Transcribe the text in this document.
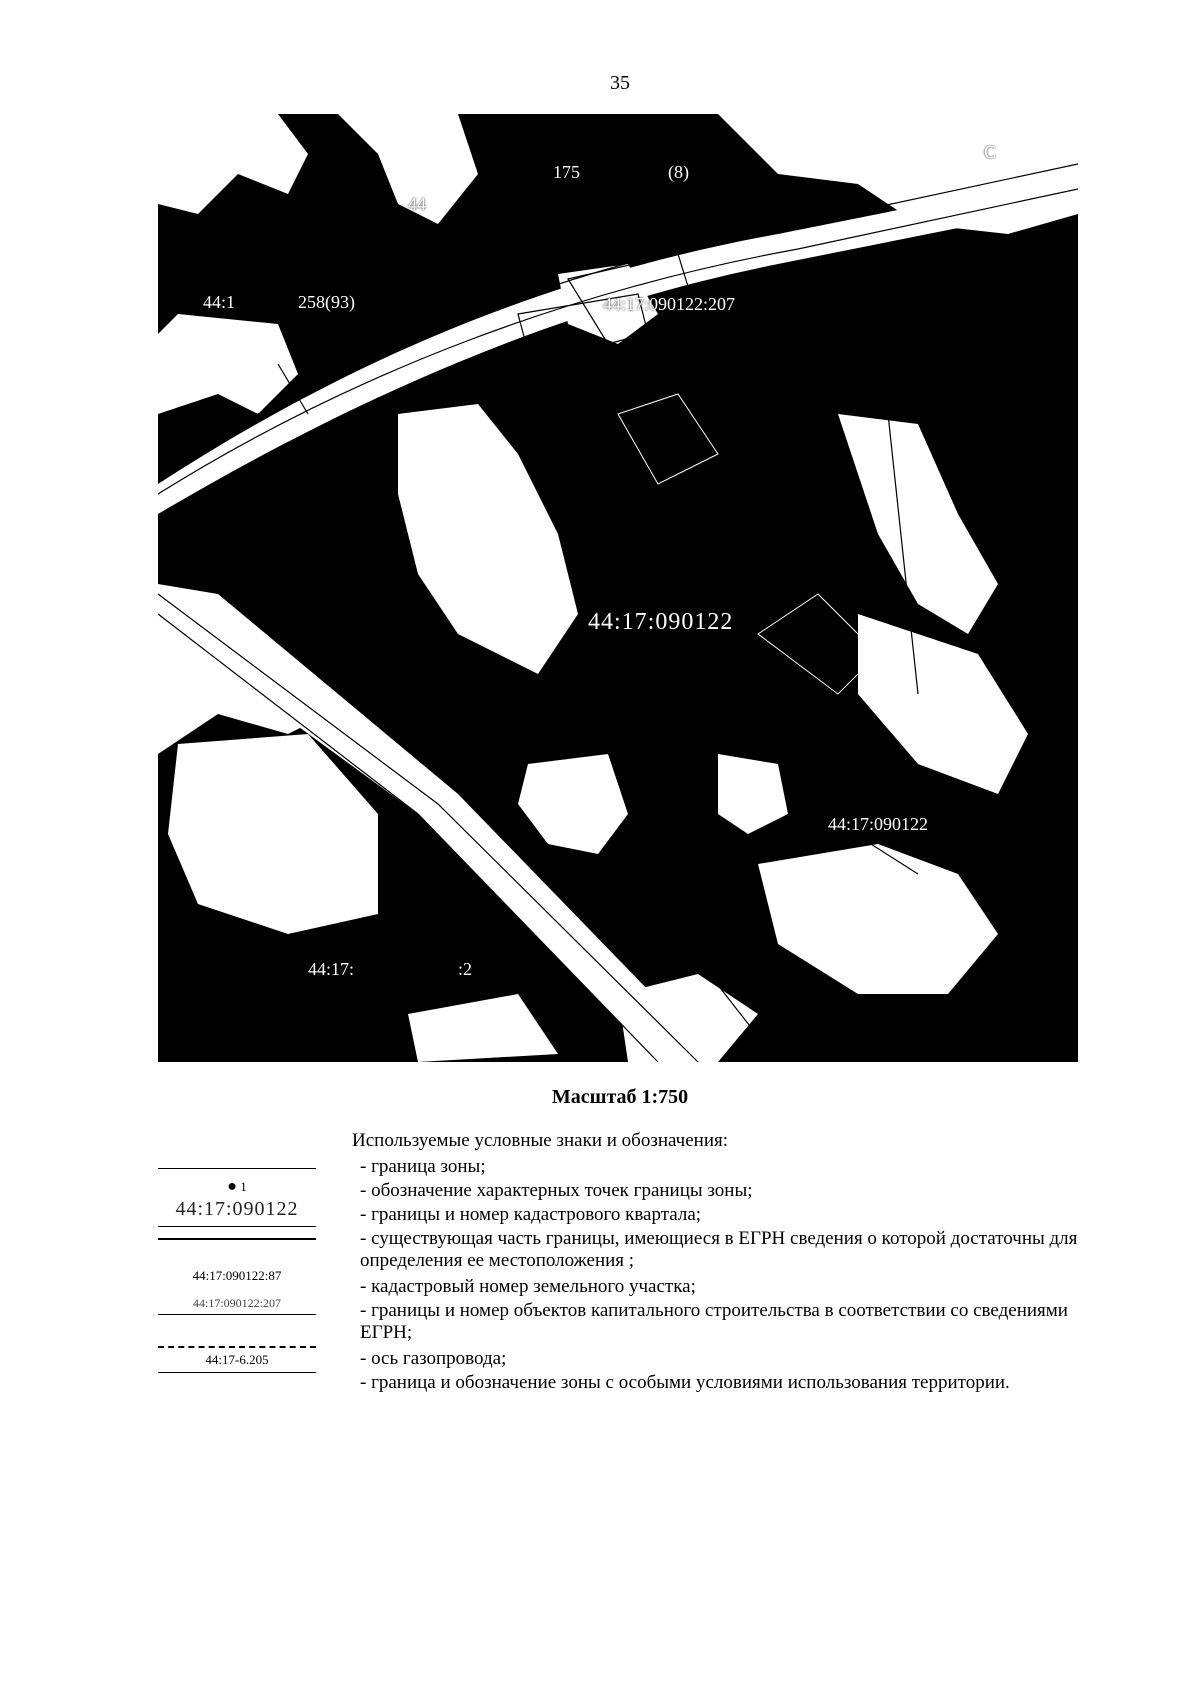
35
175	(8)
44
С
44:1	258(93)	44:17:090122:207
44:17:090122
44:17:090122
44:17:	:2
Масштаб 1:750
Используемые условные знаки и обозначения:
● 1
44:17:090122
44:17:090122:87
44:17:090122:207
44:17-6.205
- граница зоны;
- обозначение характерных точек границы зоны;
- границы и номер кадастрового квартала;
- существующая часть границы, имеющиеся в ЕГРН сведения о которой достаточны для определения ее местоположения ;
- кадастровый номер земельного участка;
- границы и номер объектов капитального строительства в соответствии со сведениями ЕГРН;
- ось газопровода;
- граница и обозначение зоны с особыми условиями использования территории.
